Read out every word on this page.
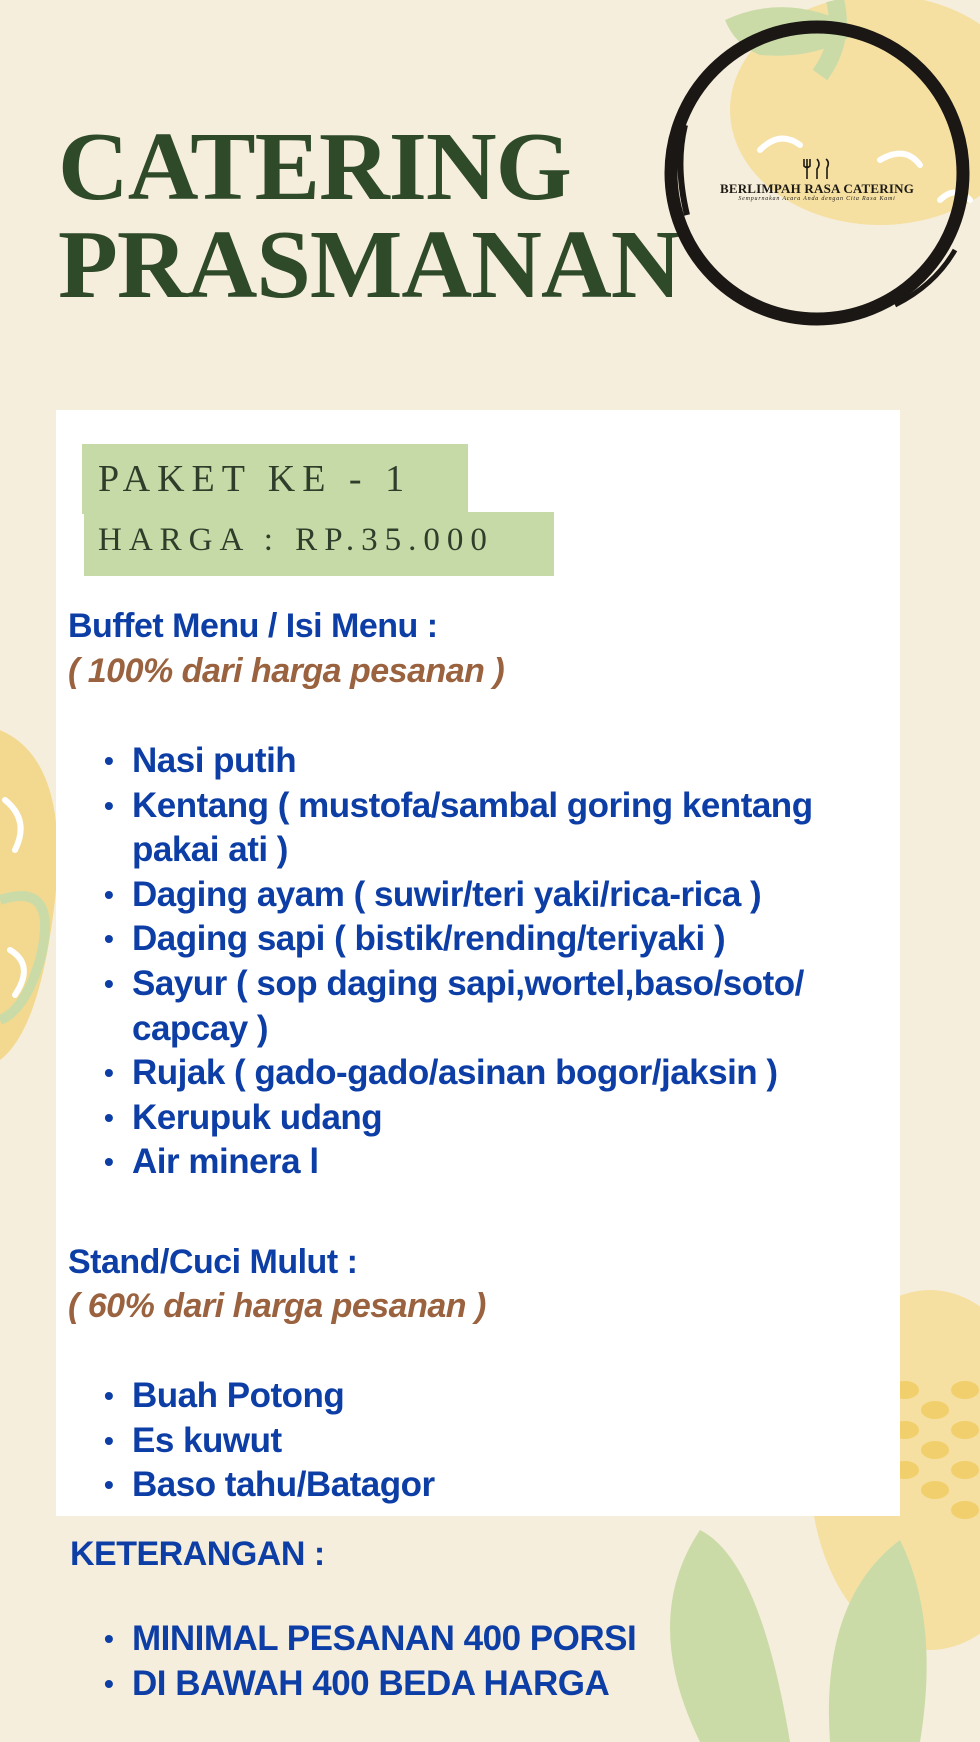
CATERING
PRASMANAN
BERLIMPAH RASA CATERING
Sempurnakan Acara Anda dengan Cita Rasa Kami
PAKET KE - 1
HARGA : RP.35.000

Buffet Menu / Isi Menu :

( 100% dari harga pesanan )

• Nasi putih
• Kentang ( mustofa/sambal goring kentang pakai ati )
• Daging ayam ( suwir/teri yaki/rica-rica )
• Daging sapi ( bistik/rending/teriyaki )
• Sayur ( sop daging sapi,wortel,baso/soto/ capcay )
• Rujak ( gado-gado/asinan bogor/jaksin )
• Kerupuk udang
• Air minera l

Stand/Cuci Mulut :

( 60% dari harga pesanan )

• Buah Potong
• Es kuwut
• Baso tahu/Batagor

KETERANGAN :

• MINIMAL PESANAN 400 PORSI
• DI BAWAH 400 BEDA HARGA
